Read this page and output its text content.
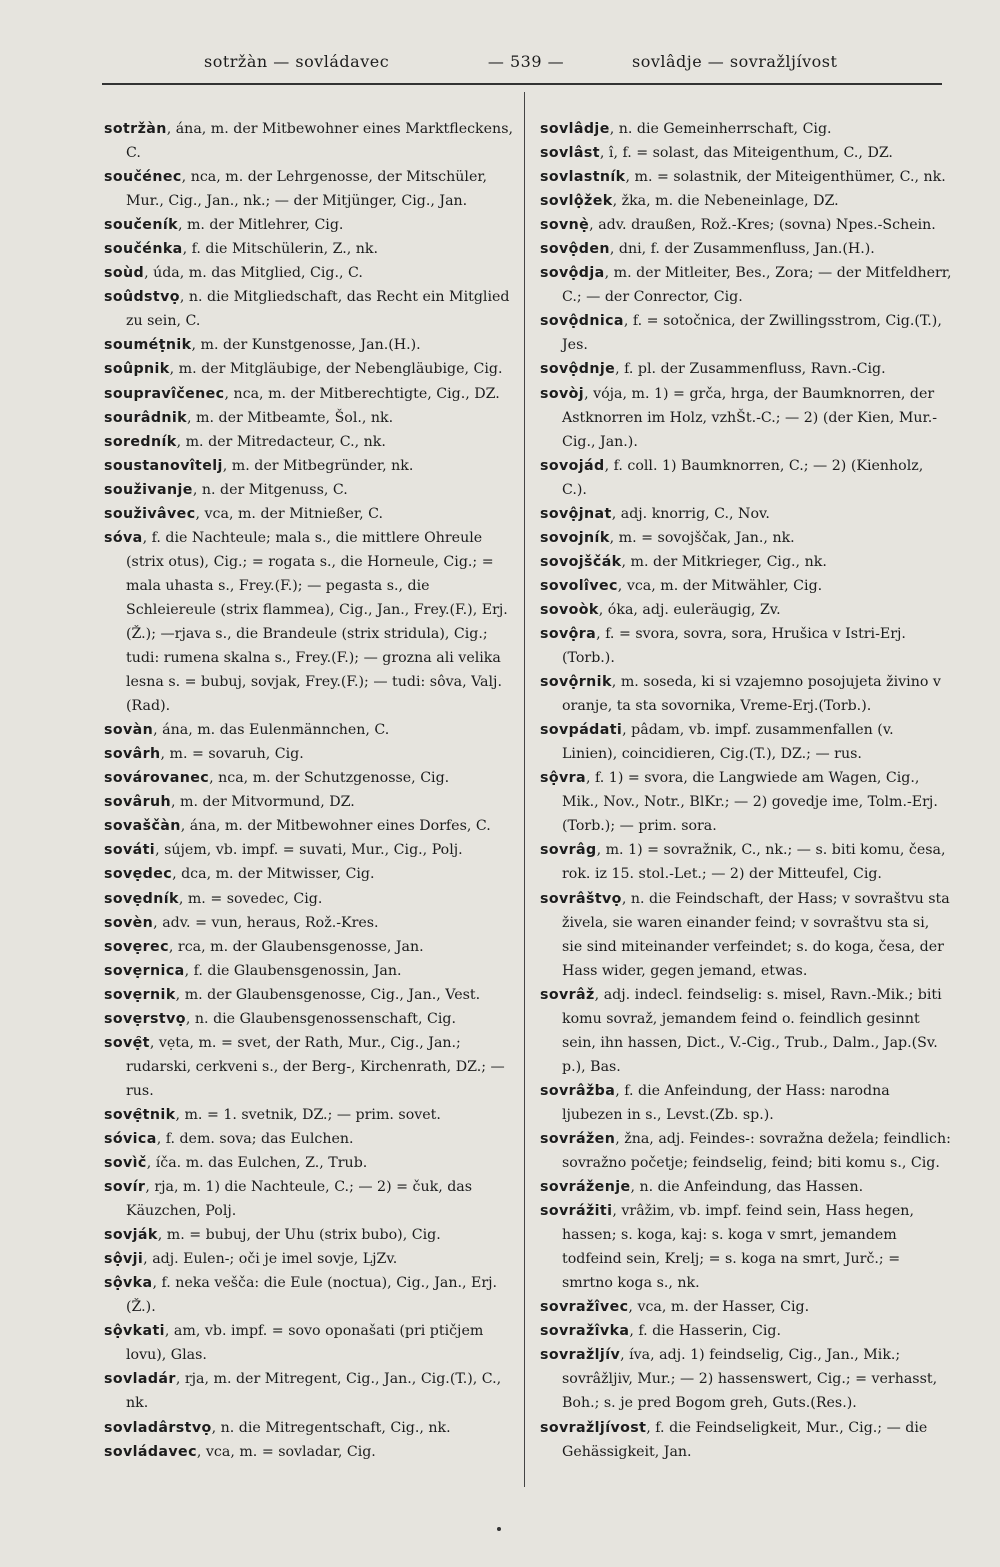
sotržàn — sovládavec	— 539 —	sovlâdje — sovražljívost

sotržàn, ána, m. der Mitbewohner eines Marktfleckens, C.

součénec, nca, m. der Lehrgenosse, der Mitschüler, Mur., Cig., Jan., nk.; — der Mitjünger, Cig., Jan.

součeník, m. der Mitlehrer, Cig.

součénka, f. die Mitschülerin, Z., nk.

soùd, úda, m. das Mitglied, Cig., C.

soûdstvọ, n. die Mitgliedschaft, das Recht ein Mitglied zu sein, C.

souméṭnik, m. der Kunstgenosse, Jan.(H.).

soûpnik, m. der Mitgläubige, der Nebengläubige, Cig.

soupravîčenec, nca, m. der Mitberechtigte, Cig., DZ.

sourâdnik, m. der Mitbeamte, Šol., nk.

soredník, m. der Mitredacteur, C., nk.

soustanovîtelj, m. der Mitbegründer, nk.

souživanje, n. der Mitgenuss, C.

souživâvec, vca, m. der Mitnießer, C.

sóva, f. die Nachteule; mala s., die mittlere Ohreule (strix otus), Cig.; = rogata s., die Horneule, Cig.; = mala uhasta s., Frey.(F.); — pegasta s., die Schleiereule (strix flammea), Cig., Jan., Frey.(F.), Erj.(Ž.); —rjava s., die Brandeule (strix stridula), Cig.; tudi: rumena skalna s., Frey.(F.); — grozna ali velika lesna s. = bubuj, sovjak, Frey.(F.); — tudi: sôva, Valj.(Rad).

sovàn, ána, m. das Eulenmännchen, C.

sovârh, m. = sovaruh, Cig.

sovárovanec, nca, m. der Schutzgenosse, Cig.

sovâruh, m. der Mitvormund, DZ.

sovaščàn, ána, m. der Mitbewohner eines Dorfes, C.

sováti, sújem, vb. impf. = suvati, Mur., Cig., Polj.

sovẹdec, dca, m. der Mitwisser, Cig.

sovẹdník, m. = sovedec, Cig.

sovèn, adv. = vun, heraus, Rož.-Kres.

sovẹrec, rca, m. der Glaubensgenosse, Jan.

sovẹrnica, f. die Glaubensgenossin, Jan.

sovẹrnik, m. der Glaubensgenosse, Cig., Jan., Vest.

sovẹrstvọ, n. die Glaubensgenossenschaft, Cig.

sovẹ̑t, vẹta, m. = svet, der Rath, Mur., Cig., Jan.; rudarski, cerkveni s., der Berg-, Kirchenrath, DZ.; — rus.

sovẹ̑tnik, m. = 1. svetnik, DZ.; — prim. sovet.

sóvica, f. dem. sova; das Eulchen.

sovìč, íča. m. das Eulchen, Z., Trub.

sovír, rja, m. 1) die Nachteule, C.; — 2) = čuk, das Käuzchen, Polj.

sovják, m. = bubuj, der Uhu (strix bubo), Cig.

sộvji, adj. Eulen-; oči je imel sovje, LjZv.

sộvka, f. neka vešča: die Eule (noctua), Cig., Jan., Erj.(Ž.).

sộvkati, am, vb. impf. = sovo oponašati (pri ptičjem lovu), Glas.

sovladár, rja, m. der Mitregent, Cig., Jan., Cig.(T.), C., nk.

sovladârstvọ, n. die Mitregentschaft, Cig., nk.

sovládavec, vca, m. = sovladar, Cig.

sovlâdje, n. die Gemeinherrschaft, Cig.

sovlâst, î, f. = solast, das Miteigenthum, C., DZ.

sovlastník, m. = solastnik, der Miteigenthümer, C., nk.

sovlộžek, žka, m. die Nebeneinlage, DZ.

sovnẹ̀, adv. draußen, Rož.-Kres; (sovna) Npes.-Schein.

sovộden, dni, f. der Zusammenfluss, Jan.(H.).

sovộdja, m. der Mitleiter, Bes., Zora; — der Mitfeldherr, C.; — der Conrector, Cig.

sovộdnica, f. = sotočnica, der Zwillingsstrom, Cig.(T.), Jes.

sovộdnje, f. pl. der Zusammenfluss, Ravn.-Cig.

sovòj, vója, m. 1) = grča, hrga, der Baumknorren, der Astknorren im Holz, vzhŠt.-C.; — 2) (der Kien, Mur.-Cig., Jan.).

sovojád, f. coll. 1) Baumknorren, C.; — 2) (Kienholz, C.).

sovộjnat, adj. knorrig, C., Nov.

sovojník, m. = sovojščak, Jan., nk.

sovojščák, m. der Mitkrieger, Cig., nk.

sovolîvec, vca, m. der Mitwähler, Cig.

sovoòk, óka, adj. euleräugig, Zv.

sovộra, f. = svora, sovra, sora, Hrušica v Istri-Erj.(Torb.).

sovộrnik, m. soseda, ki si vzajemno posojujeta živino v oranje, ta sta sovornika, Vreme-Erj.(Torb.).

sovpádati, pâdam, vb. impf. zusammenfallen (v. Linien), coincidieren, Cig.(T.), DZ.; — rus.

sộvra, f. 1) = svora, die Langwiede am Wagen, Cig., Mik., Nov., Notr., BlKr.; — 2) govedje ime, Tolm.-Erj.(Torb.); — prim. sora.

sovrâg, m. 1) = sovražnik, C., nk.; — s. biti komu, česa, rok. iz 15. stol.-Let.; — 2) der Mitteufel, Cig.

sovrâštvọ, n. die Feindschaft, der Hass; v sovraštvu sta živela, sie waren einander feind; v sovraštvu sta si, sie sind miteinander verfeindet; s. do koga, česa, der Hass wider, gegen jemand, etwas.

sovrâž, adj. indecl. feindselig: s. misel, Ravn.-Mik.; biti komu sovraž, jemandem feind o. feindlich gesinnt sein, ihn hassen, Dict., V.-Cig., Trub., Dalm., Jap.(Sv. p.), Bas.

sovrâžba, f. die Anfeindung, der Hass: narodna ljubezen in s., Levst.(Zb. sp.).

sovrážen, žna, adj. Feindes-: sovražna dežela; feindlich: sovražno početje; feindselig, feind; biti komu s., Cig.

sovráženje, n. die Anfeindung, das Hassen.

sovrážiti, vrâžim, vb. impf. feind sein, Hass hegen, hassen; s. koga, kaj: s. koga v smrt, jemandem todfeind sein, Krelj; = s. koga na smrt, Jurč.; = smrtno koga s., nk.

sovražîvec, vca, m. der Hasser, Cig.

sovražîvka, f. die Hasserin, Cig.

sovražljív, íva, adj. 1) feindselig, Cig., Jan., Mik.; sovrâžljiv, Mur.; — 2) hassenswert, Cig.; = verhasst, Boh.; s. je pred Bogom greh, Guts.(Res.).

sovražljívost, f. die Feindseligkeit, Mur., Cig.; — die Gehässigkeit, Jan.
